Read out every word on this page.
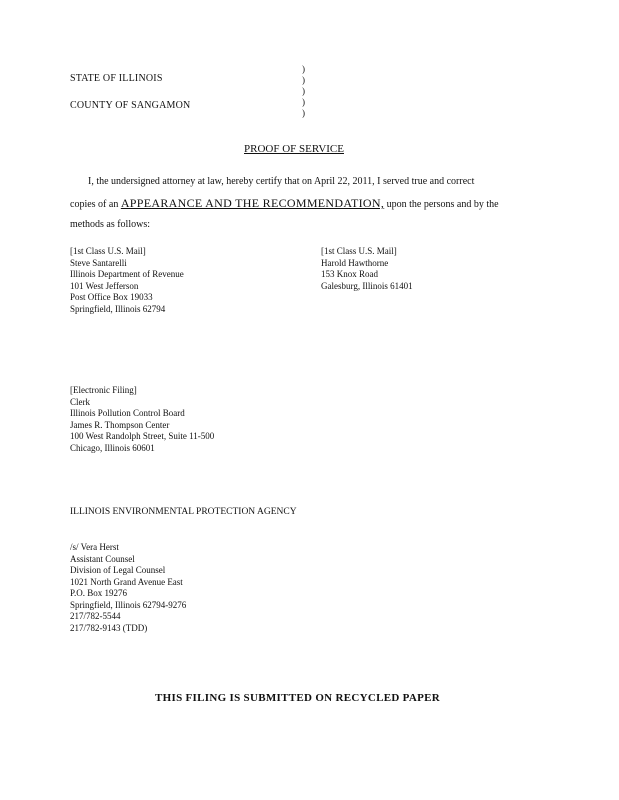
STATE OF ILLINOIS
COUNTY OF SANGAMON
)
)
)
)
)
PROOF OF SERVICE
I, the undersigned attorney at law, hereby certify that on April 22, 2011, I served true and correct
copies of an APPEARANCE AND THE RECOMMENDATION, upon the persons and by the
methods as follows:
[1st Class U.S. Mail]
Steve Santarelli
Illinois Department of Revenue
101 West Jefferson
Post Office Box 19033
Springfield, Illinois 62794
[1st Class U.S. Mail]
Harold Hawthorne
153 Knox Road
Galesburg, Illinois 61401
[Electronic Filing]
Clerk
Illinois Pollution Control Board
James R. Thompson Center
100 West Randolph Street, Suite 11-500
Chicago, Illinois 60601
ILLINOIS ENVIRONMENTAL PROTECTION AGENCY
/s/ Vera Herst
Assistant Counsel
Division of Legal Counsel
1021 North Grand Avenue East
P.O. Box 19276
Springfield, Illinois 62794-9276
217/782-5544
217/782-9143 (TDD)
THIS FILING IS SUBMITTED ON RECYCLED PAPER
